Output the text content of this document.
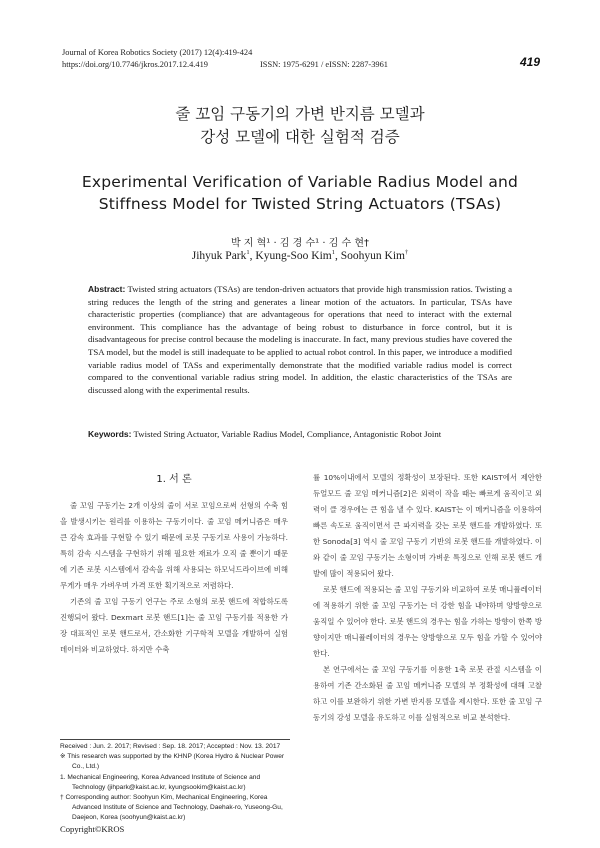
Journal of Korea Robotics Society (2017) 12(4):419-424
https://doi.org/10.7746/jkros.2017.12.4.419	ISSN: 1975-6291 / eISSN: 2287-3961	419
줄 꼬임 구동기의 가변 반지름 모델과
강성 모델에 대한 실험적 검증
Experimental Verification of Variable Radius Model and
Stiffness Model for Twisted String Actuators (TSAs)
박 지 혁¹ · 김 경 수¹ · 김 수 현†
Jihyuk Park$^1$, Kyung-Soo Kim$^1$, Soohyun Kim†
Abstract: Twisted string actuators (TSAs) are tendon-driven actuators that provide high transmission ratios. Twisting a string reduces the length of the string and generates a linear motion of the actuators. In particular, TSAs have characteristic properties (compliance) that are advantageous for operations that need to interact with the external environment. This compliance has the advantage of being robust to disturbance in force control, but it is disadvantageous for precise control because the modeling is inaccurate. In fact, many previous studies have covered the TSA model, but the model is still inadequate to be applied to actual robot control. In this paper, we introduce a modified variable radius model of TASs and experimentally demonstrate that the modified variable radius model is correct compared to the conventional variable radius string model. In addition, the elastic characteristics of the TSAs are discussed along with the experimental results.
Keywords: Twisted String Actuator, Variable Radius Model, Compliance, Antagonistic Robot Joint
1. 서 론

줄 꼬임 구동기는 2개 이상의 줄이 서로 꼬임으로써 선형의 수축 힘을 발생시키는 원리를 이용하는 구동기이다. 줄 꼬임 메커니즘은 매우 큰 감속 효과를 구현할 수 있기 때문에 로봇 구동기로 사용이 가능하다. 특히 감속 시스템을 구현하기 위해 필요한 재료가 오직 줄 뿐이기 때문에 기존 로봇 시스템에서 감속을 위해 사용되는 하모닉드라이브에 비해 무게가 매우 가벼우며 가격 또한 획기적으로 저렴하다.

기존의 줄 꼬임 구동기 연구는 주로 소형의 로봇 핸드에 적합하도록 진행되어 왔다. Dexmart 로봇 핸드[1]는 줄 꼬임 구동기를 적용한 가장 대표적인 로봇 핸드로서, 간소화한 기구학적 모델을 개발하여 실험 데이터와 비교하였다. 하지만 수축

률 10%이내에서 모델의 정확성이 보장된다. 또한 KAIST에서 제안한 듀얼모드 줄 꼬임 메커니즘[2]은 외력이 작을 때는 빠르게 움직이고 외력이 클 경우에는 큰 힘을 낼 수 있다. KAIST는 이 메커니즘을 이용하여 빠른 속도로 움직이면서 큰 파지력을 갖는 로봇 핸드를 개발하였다. 또한 Sonoda[3] 역시 줄 꼬임 구동기 기반의 로봇 핸드를 개발하였다. 이와 같이 줄 꼬임 구동기는 소형이며 가벼운 특징으로 인해 로봇 핸드 개발에 많이 적용되어 왔다.

로봇 핸드에 적용되는 줄 꼬임 구동기와 비교하여 로봇 매니퓰레이터에 적용하기 위한 줄 꼬임 구동기는 더 강한 힘을 내야하며 양방향으로 움직일 수 있어야 한다. 로봇 핸드의 경우는 힘을 가하는 방향이 한쪽 방향이지만 매니퓰레이터의 경우는 양방향으로 모두 힘을 가할 수 있어야 한다.

본 연구에서는 줄 꼬임 구동기를 이용한 1축 로봇 관절 시스템을 이용하여 기존 간소화된 줄 꼬임 메커니즘 모델의 부 정확성에 대해 고찰하고 이를 보완하기 위한 가변 반지름 모델을 제시한다. 또한 줄 꼬임 구동기의 강성 모델을 유도하고 이를 실험적으로 비교 분석한다.

Received : Jun. 2. 2017; Revised : Sep. 18. 2017; Accepted : Nov. 13. 2017
※ This research was supported by the KHNP (Korea Hydro & Nuclear Power Co., Ltd.)
1. Mechanical Engineering, Korea Advanced Institute of Science and Technology (jihpark@kaist.ac.kr, kyungsookim@kaist.ac.kr)
† Corresponding author: Soohyun Kim, Mechanical Engineering, Korea Advanced Institute of Science and Technology, Daehak-ro, Yuseong-Gu, Daejeon, Korea (soohyun@kaist.ac.kr)
Copyright©KROS
